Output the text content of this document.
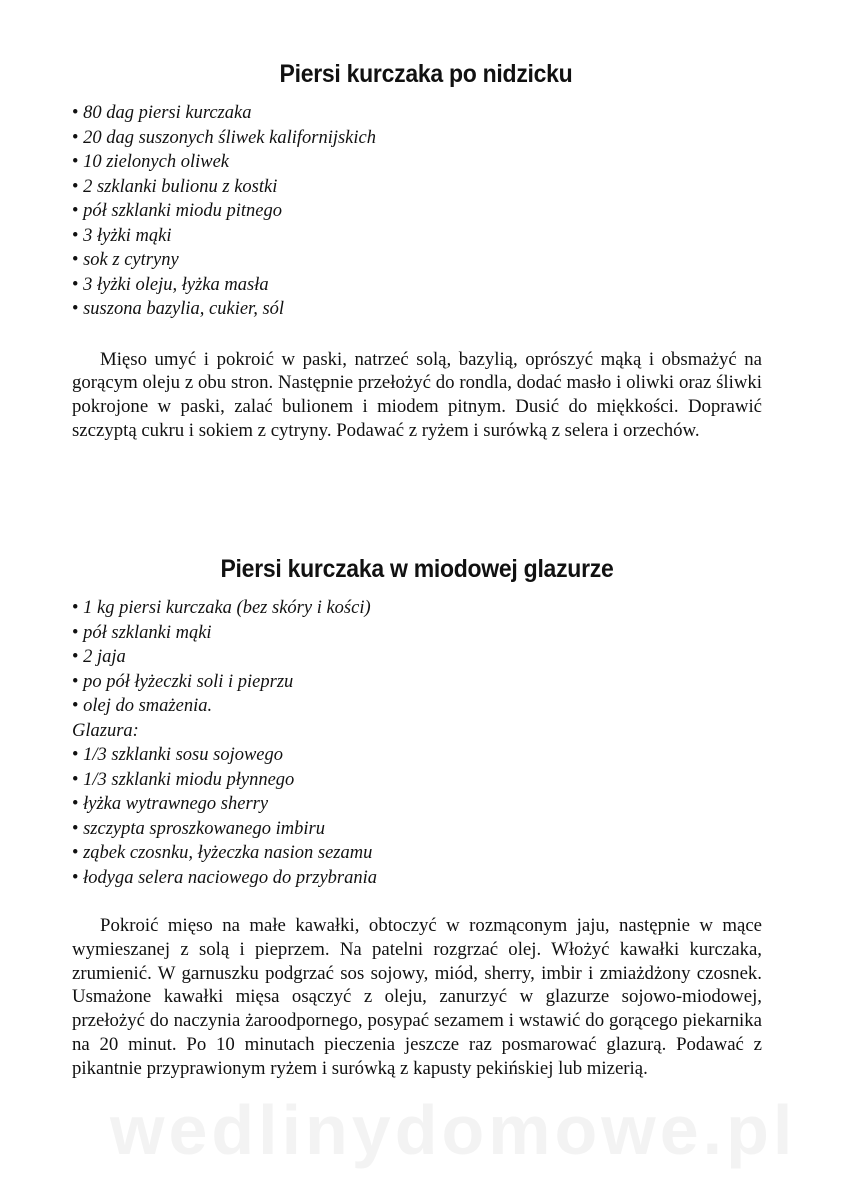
wedlinydomowe.pl
Piersi kurczaka po nidzicku
• 80 dag piersi kurczaka
• 20 dag suszonych śliwek kalifornijskich
• 10 zielonych oliwek
• 2 szklanki bulionu z kostki
• pół szklanki miodu pitnego
• 3 łyżki mąki
• sok z cytryny
• 3 łyżki oleju, łyżka masła
• suszona bazylia, cukier, sól

Mięso umyć i pokroić w paski, natrzeć solą, bazylią, oprószyć mąką i obsmażyć na gorącym oleju z obu stron. Następnie przełożyć do rondla, dodać masło i oliwki oraz śliwki pokrojone w paski, zalać bulionem i miodem pitnym. Dusić do miękkości. Doprawić szczyptą cukru i sokiem z cytryny. Podawać z ryżem i surówką z selera i orzechów.

Piersi kurczaka w miodowej glazurze
• 1 kg piersi kurczaka (bez skóry i kości)
• pół szklanki mąki
• 2 jaja
• po pół łyżeczki soli i pieprzu
• olej do smażenia.
Glazura:
• 1/3 szklanki sosu sojowego
• 1/3 szklanki miodu płynnego
• łyżka wytrawnego sherry
• szczypta sproszkowanego imbiru
• ząbek czosnku, łyżeczka nasion sezamu
• łodyga selera naciowego do przybrania

Pokroić mięso na małe kawałki, obtoczyć w rozmąconym jaju, następnie w mące wymieszanej z solą i pieprzem. Na patelni rozgrzać olej. Włożyć kawałki kurczaka, zrumienić. W garnuszku podgrzać sos sojowy, miód, sherry, imbir i zmiażdżony czosnek. Usmażone kawałki mięsa osączyć z oleju, zanurzyć w glazurze sojowo-miodowej, przełożyć do naczynia żaroodpornego, posypać sezamem i wstawić do gorącego piekarnika na 20 minut. Po 10 minutach pieczenia jeszcze raz posmarować glazurą. Podawać z pikantnie przyprawionym ryżem i surówką z kapusty pekińskiej lub mizerią.
